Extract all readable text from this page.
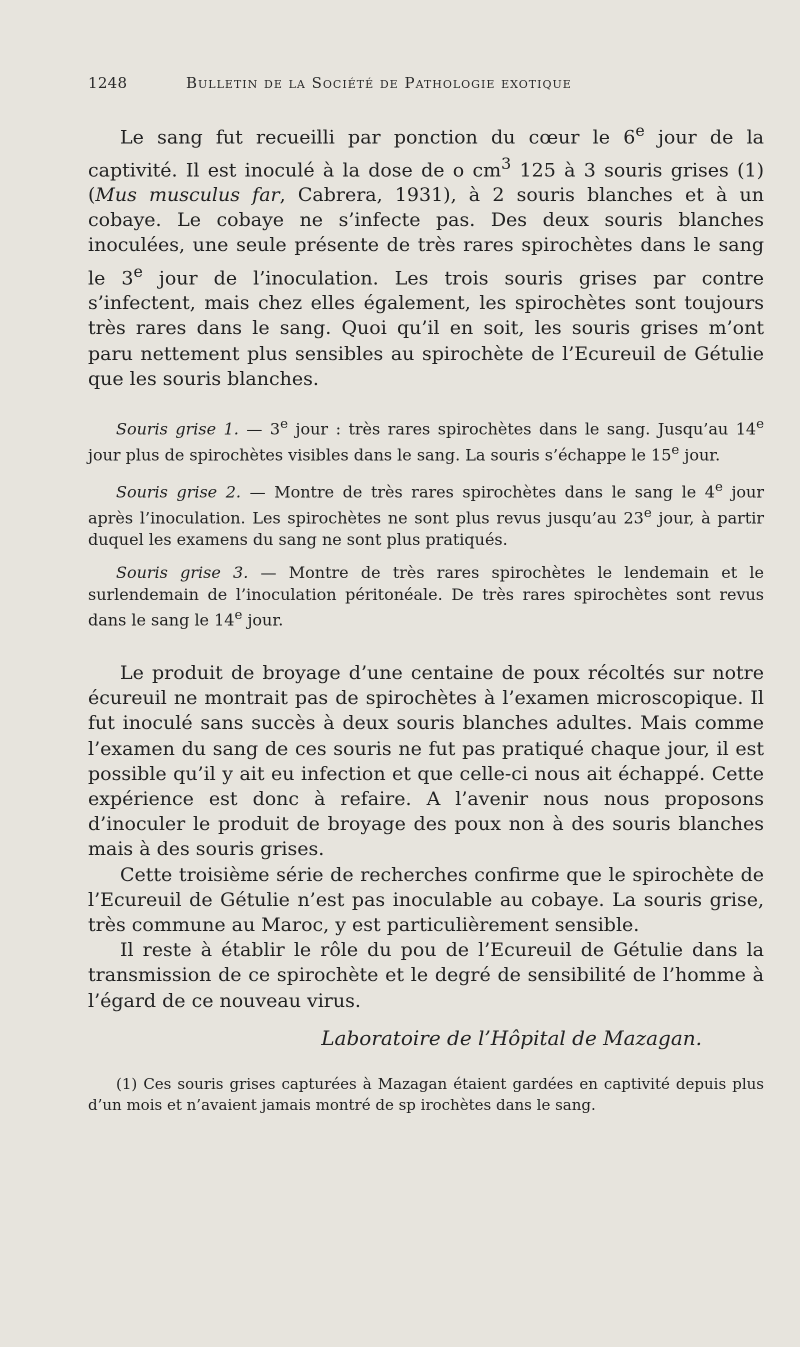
1248	Bulletin de la Société de Pathologie exotique

Le sang fut recueilli par ponction du cœur le 6e jour de la captivité. Il est inoculé à la dose de o $cm^3$ 125 à 3 souris grises (1) (Mus musculus far, Cabrera, 1931), à 2 souris blanches et à un cobaye. Le cobaye ne s’infecte pas. Des deux souris blanches inoculées, une seule présente de très rares spirochètes dans le sang le 3e jour de l’inoculation. Les trois souris grises par contre s’infectent, mais chez elles également, les spirochètes sont toujours très rares dans le sang. Quoi qu’il en soit, les souris grises m’ont paru nettement plus sensibles au spirochète de l’Ecureuil de Gétulie que les souris blanches.

Souris grise 1. — 3e jour : très rares spirochètes dans le sang. Jusqu’au 14e jour plus de spirochètes visibles dans le sang. La souris s’échappe le 15e jour.

Souris grise 2. — Montre de très rares spirochètes dans le sang le 4e jour après l’inoculation. Les spirochètes ne sont plus revus jusqu’au 23e jour, à partir duquel les examens du sang ne sont plus pratiqués.

Souris grise 3. — Montre de très rares spirochètes le lendemain et le surlendemain de l’inoculation péritonéale. De très rares spirochètes sont revus dans le sang le 14e jour.

Le produit de broyage d’une centaine de poux récoltés sur notre écureuil ne montrait pas de spirochètes à l’examen microscopique. Il fut inoculé sans succès à deux souris blanches adultes. Mais comme l’examen du sang de ces souris ne fut pas pratiqué chaque jour, il est possible qu’il y ait eu infection et que celle-ci nous ait échappé. Cette expérience est donc à refaire. A l’avenir nous nous proposons d’inoculer le produit de broyage des poux non à des souris blanches mais à des souris grises.

Cette troisième série de recherches confirme que le spirochète de l’Ecureuil de Gétulie n’est pas inoculable au cobaye. La souris grise, très commune au Maroc, y est particulièrement sensible.

Il reste à établir le rôle du pou de l’Ecureuil de Gétulie dans la transmission de ce spirochète et le degré de sensibilité de l’homme à l’égard de ce nouveau virus.

Laboratoire de l’Hôpital de Mazagan.

(1) Ces souris grises capturées à Mazagan étaient gardées en captivité depuis plus d’un mois et n’avaient jamais montré de sp irochètes dans le sang.
